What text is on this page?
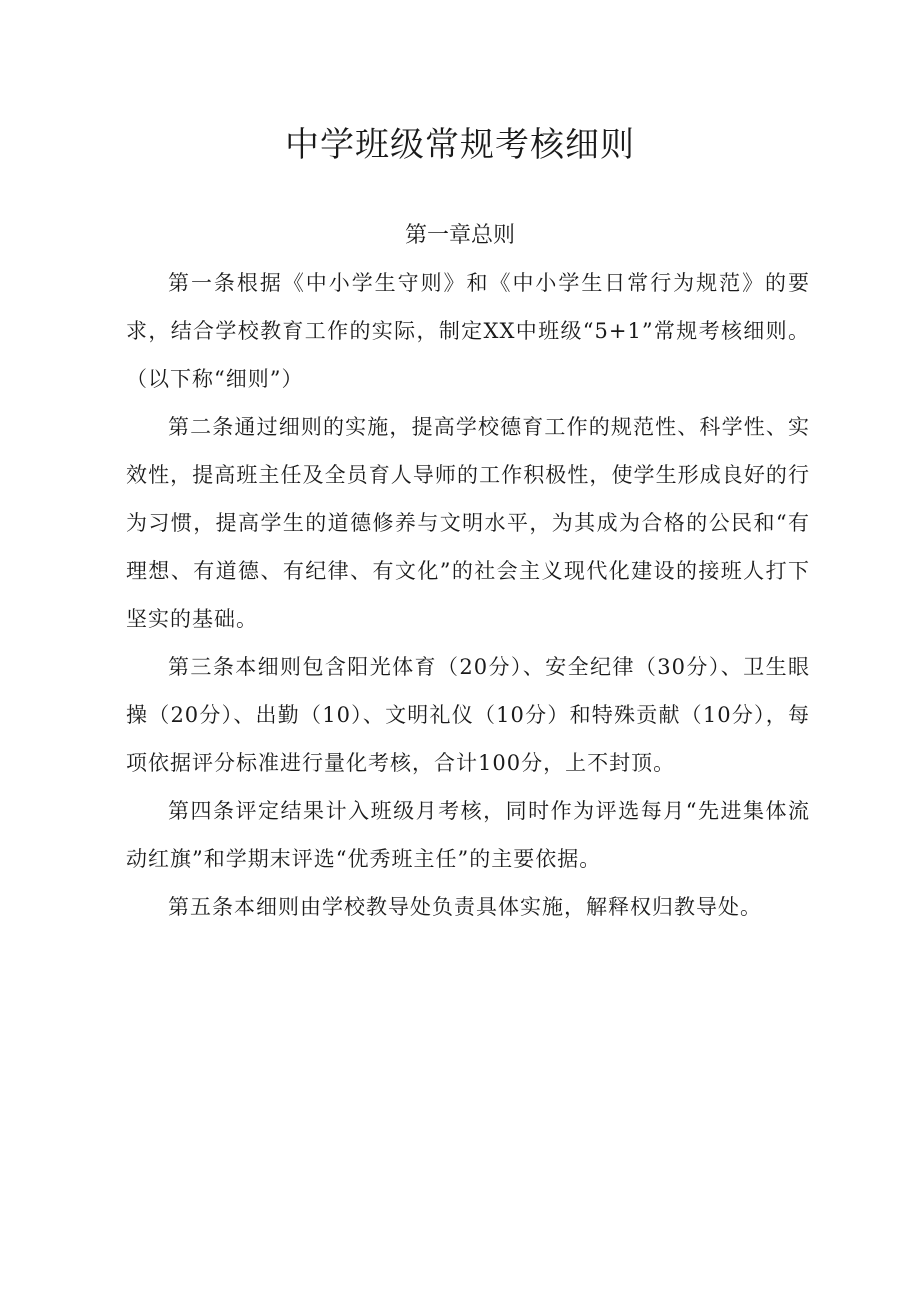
中学班级常规考核细则

第一章总则

第一条根据《中小学生守则》和《中小学生日常行为规范》的要求，结合学校教育工作的实际，制定XX中班级“5+1”常规考核细则。（以下称“细则”）

第二条通过细则的实施，提高学校德育工作的规范性、科学性、实效性，提高班主任及全员育人导师的工作积极性，使学生形成良好的行为习惯，提高学生的道德修养与文明水平，为其成为合格的公民和“有理想、有道德、有纪律、有文化”的社会主义现代化建设的接班人打下坚实的基础。

第三条本细则包含阳光体育（20分）、安全纪律（30分）、卫生眼操（20分）、出勤（10）、文明礼仪（10分）和特殊贡献（10分），每项依据评分标准进行量化考核，合计100分，上不封顶。

第四条评定结果计入班级月考核，同时作为评选每月“先进集体流动红旗”和学期末评选“优秀班主任”的主要依据。

第五条本细则由学校教导处负责具体实施，解释权归教导处。
